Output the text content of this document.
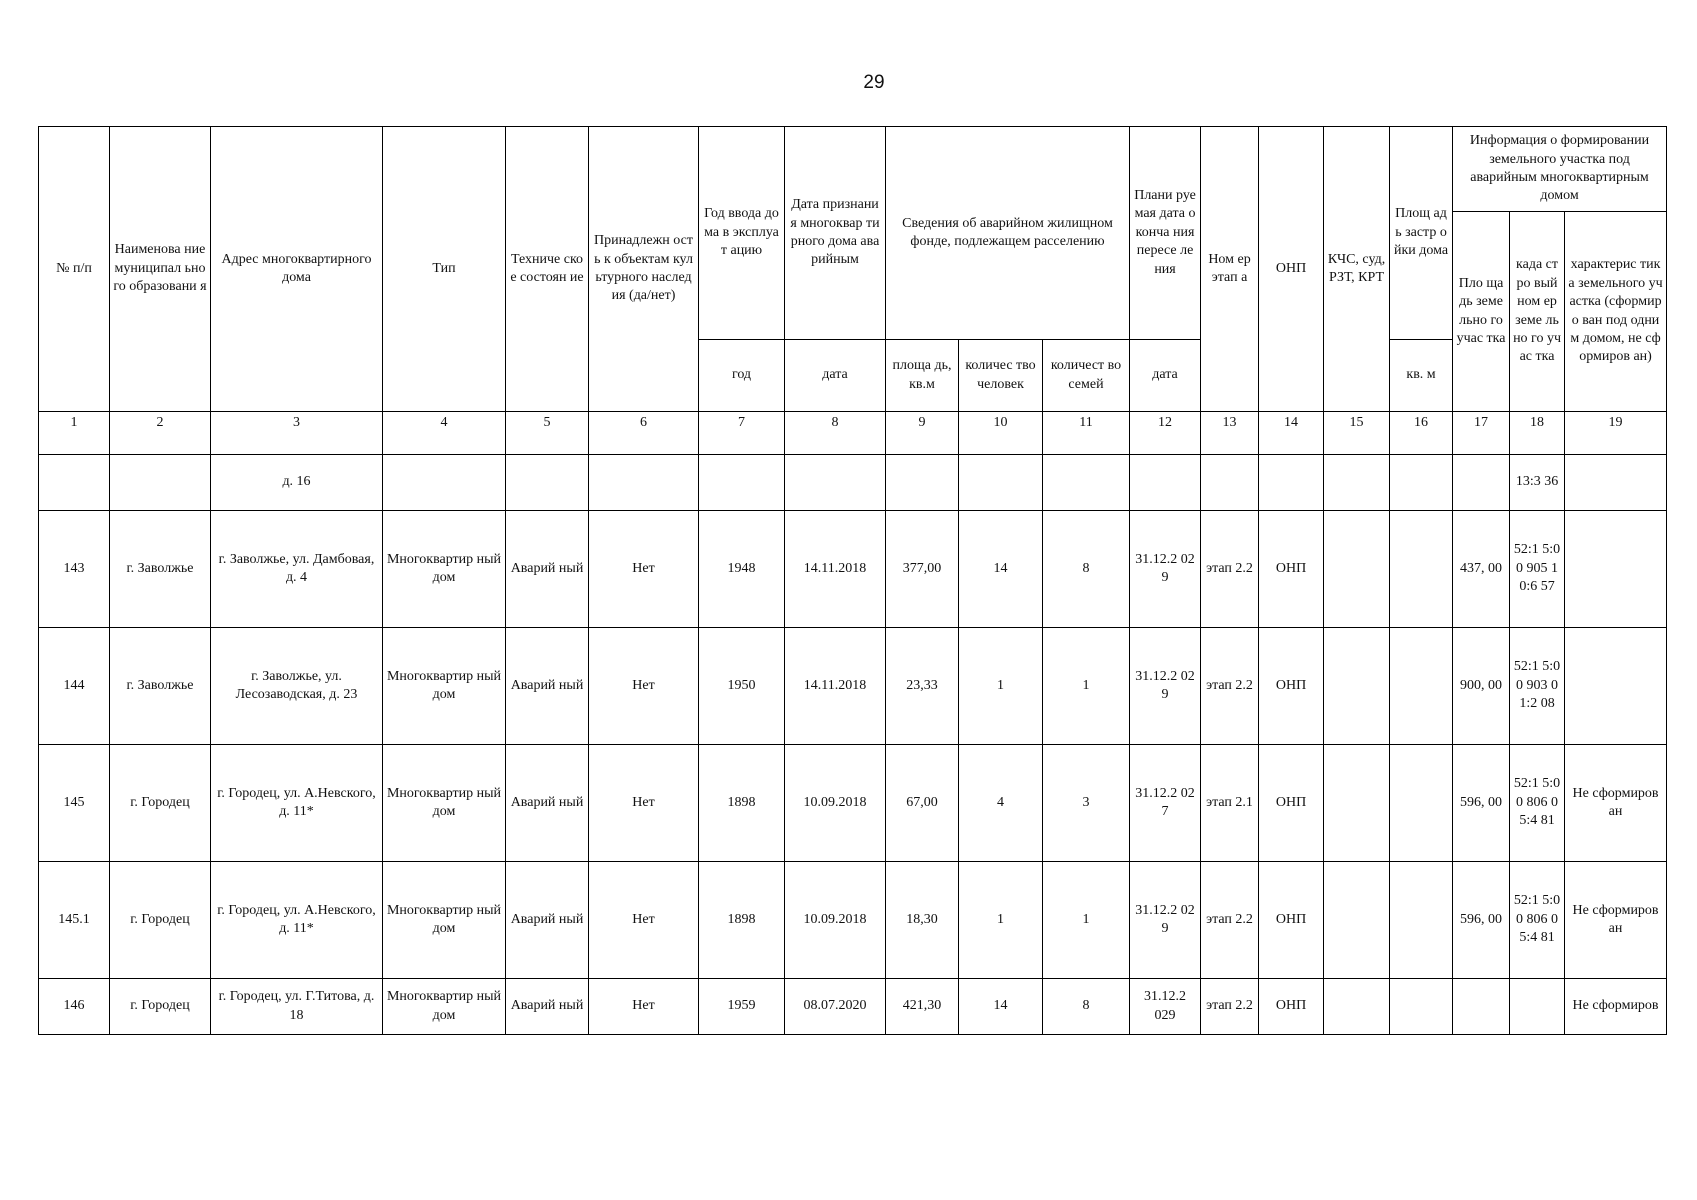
29
№ п/п	Наименова ние муниципал ьного образовани я	Адрес многоквартирного дома	Тип	Техниче ское состоян ие	Принадлежн ость к объектам культурного наследия (да/нет)	Год ввода дома в эксплуат ацию	Дата признания многоквар тирного дома аварийным	Сведения об аварийном жилищном фонде, подлежащем расселению			Плани руемая дата оконча ния пересе ления	Ном ер этап а	ОНП	КЧС, суд, РЗТ, КРТ	Площ адь застр ойки дома	Информация о формировании земельного участка под аварийным многоквартирным домом		
																Пло щадь земе льно го учас тка	када стро вый ном ер земе льно го учас тка	характерис тика земельного участка (сформиро ван под одним домом, не сформиров ан)
						год	дата	площа дь, кв.м	количес тво человек	количест во семей	дата				кв. м			
1	2	3	4	5	6	7	8	9	10	11	12	13	14	15	16	17	18	19
		д. 16															13:3 36	
143	г. Заволжье	г. Заволжье, ул. Дамбовая, д. 4	Многоквартир ный дом	Аварий ный	Нет	1948	14.11.2018	377,00	14	8	31.12.2 029	этап 2.2	ОНП			437, 00	52:1 5:00 905 10:6 57	
144	г. Заволжье	г. Заволжье, ул. Лесозаводская, д. 23	Многоквартир ный дом	Аварий ный	Нет	1950	14.11.2018	23,33	1	1	31.12.2 029	этап 2.2	ОНП			900, 00	52:1 5:00 903 01:2 08	
145	г. Городец	г. Городец, ул. А.Невского, д. 11*	Многоквартир ный дом	Аварий ный	Нет	1898	10.09.2018	67,00	4	3	31.12.2 027	этап 2.1	ОНП			596, 00	52:1 5:00 806 05:4 81	Не сформиров ан
145.1	г. Городец	г. Городец, ул. А.Невского, д. 11*	Многоквартир ный дом	Аварий ный	Нет	1898	10.09.2018	18,30	1	1	31.12.2 029	этап 2.2	ОНП			596, 00	52:1 5:00 806 05:4 81	Не сформиров ан
146	г. Городец	г. Городец, ул. Г.Титова, д. 18	Многоквартир ный дом	Аварий ный	Нет	1959	08.07.2020	421,30	14	8	31.12.2 029	этап 2.2	ОНП					Не сформиров
